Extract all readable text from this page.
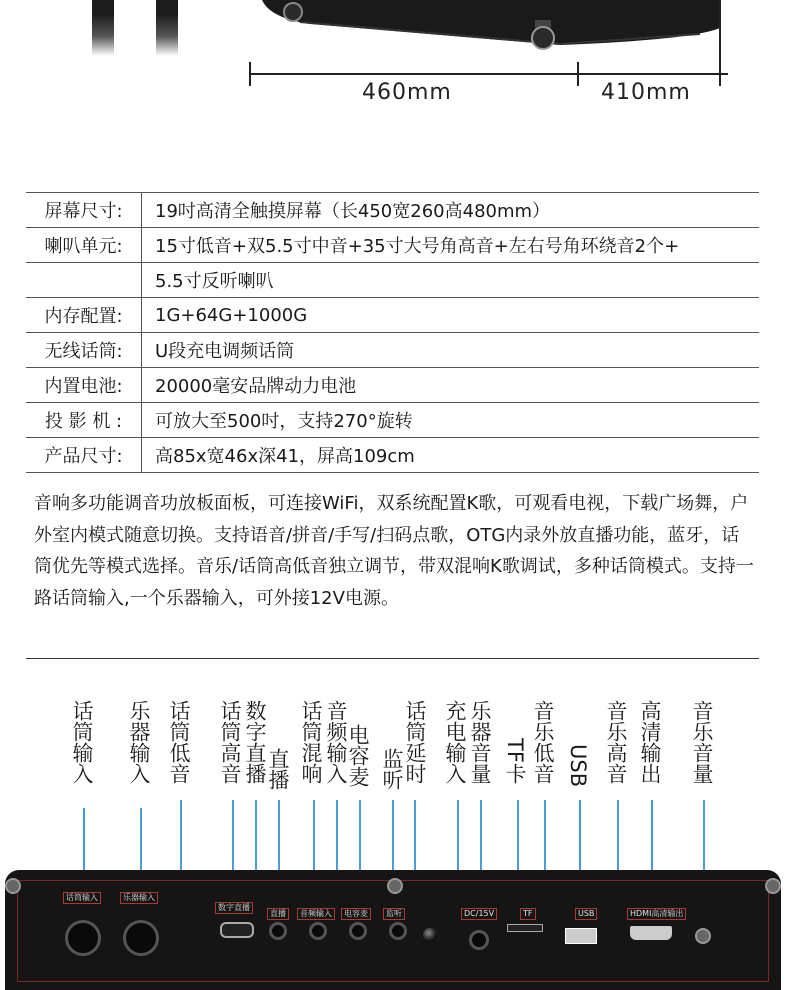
460mm	410mm
屏幕尺寸:	19吋高清全触摸屏幕（长450宽260高480mm）
喇叭单元:	15寸低音+双5.5寸中音+35寸大号角高音+左右号角环绕音2个+
	5.5寸反听喇叭
内存配置:	1G+64G+1000G
无线话筒:	U段充电调频话筒
内置电池:	20000毫安品牌动力电池
投 影 机 :	可放大至500吋，支持270°旋转
产品尺寸:	高85x宽46x深41，屏高109cm
音响多功能调音功放板面板，可连接WiFi，双系统配置K歌，可观看电视，下载广场舞，户外室内模式随意切换。支持语音/拼音/手写/扫码点歌，OTG内录外放直播功能，蓝牙，话筒优先等模式选择。音乐/话筒高低音独立调节，带双混响K歌调试，多种话筒模式。支持一路话筒输入,一个乐器输入，可外接12V电源。
话筒输入 乐器输入 话筒低音 话筒高音 数字直播 直播 话筒混响 音频输入
电容麦 监听 话筒延时 充电输入 乐器音量 TF卡 音乐低音 USB 音乐高音 高清输出 音乐音量
话筒输入	乐器输入
数字直播
直播	音频输入	电容麦	监听	DC/15V	TF	USB	HDMI高清输出
